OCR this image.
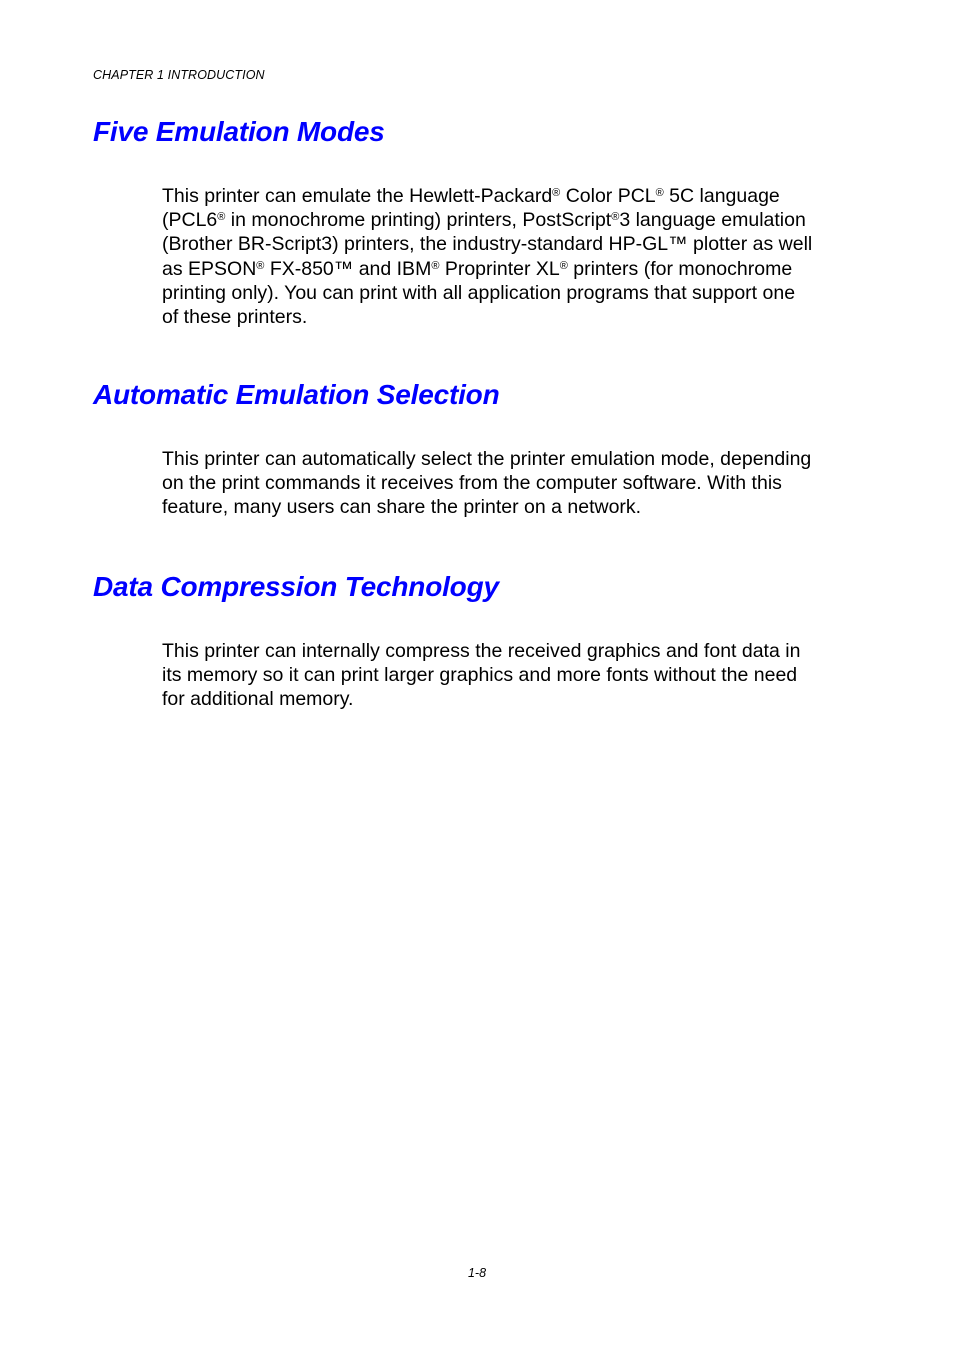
CHAPTER 1 INTRODUCTION
Five Emulation Modes

This printer can emulate the Hewlett-Packard® Color PCL® 5C language
(PCL6® in monochrome printing) printers, PostScript®3 language emulation
(Brother BR-Script3) printers, the industry-standard HP-GL™ plotter as well
as EPSON® FX-850™ and IBM® Proprinter XL® printers (for monochrome
printing only). You can print with all application programs that support one
of these printers.

Automatic Emulation Selection

This printer can automatically select the printer emulation mode, depending
on the print commands it receives from the computer software. With this
feature, many users can share the printer on a network.

Data Compression Technology

This printer can internally compress the received graphics and font data in
its memory so it can print larger graphics and more fonts without the need
for additional memory.

1-8
